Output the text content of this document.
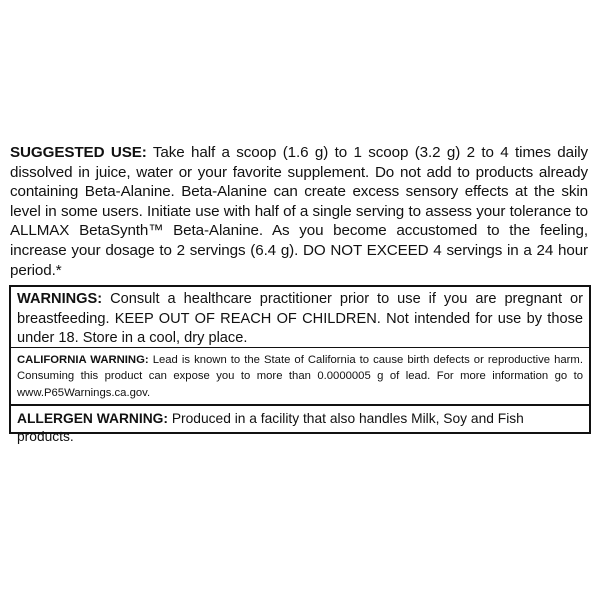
SUGGESTED USE: Take half a scoop (1.6 g) to 1 scoop (3.2 g) 2 to 4 times daily dissolved in juice, water or your favorite supplement. Do not add to products already containing Beta-Alanine. Beta-Alanine can create excess sensory effects at the skin level in some users. Initiate use with half of a single serving to assess your tolerance to ALLMAX BetaSynth™ Beta-Alanine. As you become accustomed to the feeling, increase your dosage to 2 servings (6.4 g). DO NOT EXCEED 4 servings in a 24 hour period.*
WARNINGS: Consult a healthcare practitioner prior to use if you are pregnant or breastfeeding. KEEP OUT OF REACH OF CHILDREN. Not intended for use by those under 18. Store in a cool, dry place.
CALIFORNIA WARNING: Lead is known to the State of California to cause birth defects or reproductive harm. Consuming this product can expose you to more than 0.0000005 g of lead. For more information go to www.P65Warnings.ca.gov.
ALLERGEN WARNING: Produced in a facility that also handles Milk, Soy and Fish products.
